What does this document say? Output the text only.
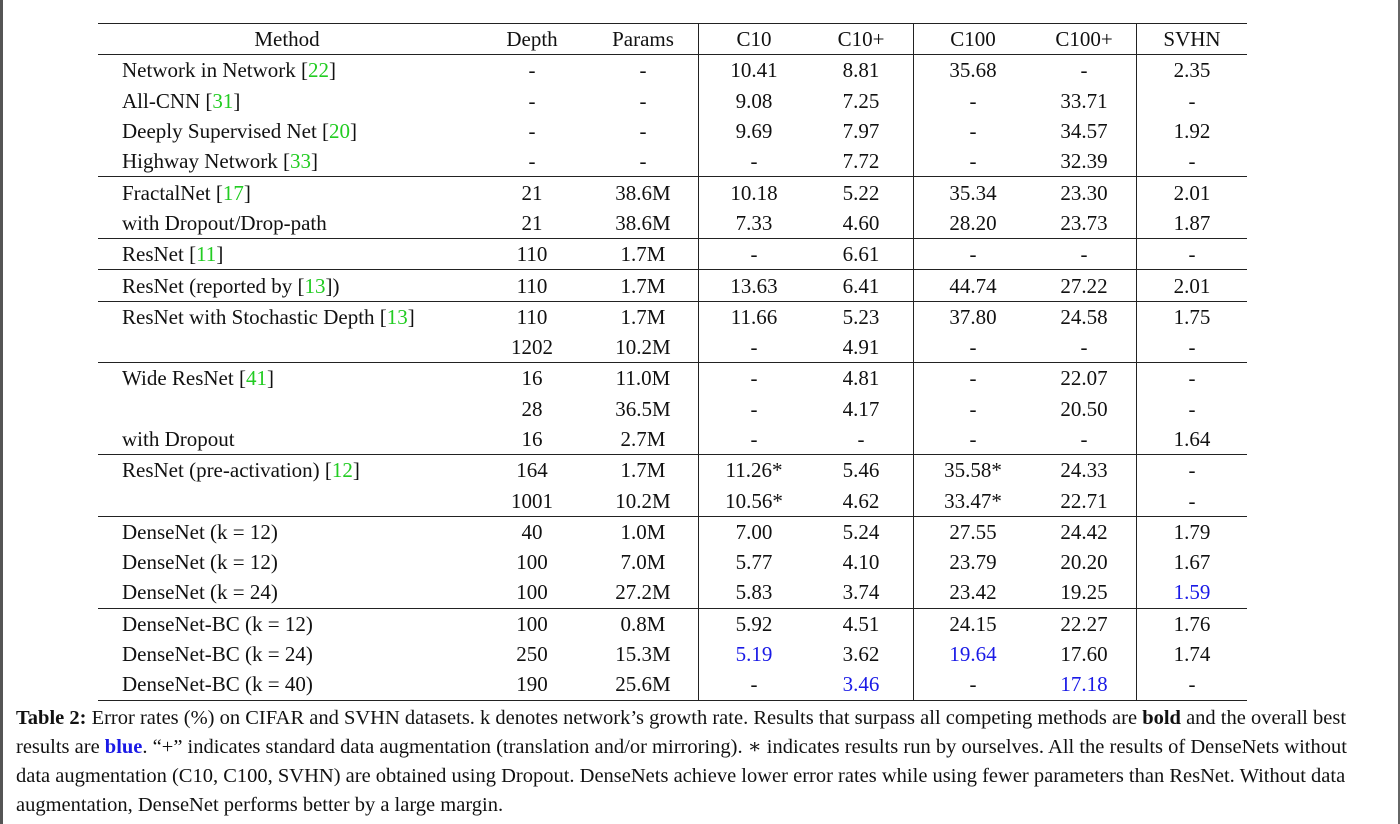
Method	Depth	Params	C10	C10+	C100	C100+	SVHN
Network in Network [22]	-	-	10.41	8.81	35.68	-	2.35
All-CNN [31]	-	-	9.08	7.25	-	33.71	-
Deeply Supervised Net [20]	-	-	9.69	7.97	-	34.57	1.92
Highway Network [33]	-	-	-	7.72	-	32.39	-
FractalNet [17]	21	38.6M	10.18	5.22	35.34	23.30	2.01
with Dropout/Drop-path	21	38.6M	7.33	4.60	28.20	23.73	1.87
ResNet [11]	110	1.7M	-	6.61	-	-	-
ResNet (reported by [13])	110	1.7M	13.63	6.41	44.74	27.22	2.01
ResNet with Stochastic Depth [13]	110	1.7M	11.66	5.23	37.80	24.58	1.75
	1202	10.2M	-	4.91	-	-	-
Wide ResNet [41]	16	11.0M	-	4.81	-	22.07	-
	28	36.5M	-	4.17	-	20.50	-
with Dropout	16	2.7M	-	-	-	-	1.64
ResNet (pre-activation) [12]	164	1.7M	11.26*	5.46	35.58*	24.33	-
	1001	10.2M	10.56*	4.62	33.47*	22.71	-
DenseNet (k = 12)	40	1.0M	7.00	5.24	27.55	24.42	1.79
DenseNet (k = 12)	100	7.0M	5.77	4.10	23.79	20.20	1.67
DenseNet (k = 24)	100	27.2M	5.83	3.74	23.42	19.25	1.59
DenseNet-BC (k = 12)	100	0.8M	5.92	4.51	24.15	22.27	1.76
DenseNet-BC (k = 24)	250	15.3M	5.19	3.62	19.64	17.60	1.74
DenseNet-BC (k = 40)	190	25.6M	-	3.46	-	17.18	-

Table 2: Error rates (%) on CIFAR and SVHN datasets. k denotes network’s growth rate. Results that surpass all competing methods are bold and the overall best results are blue. “+” indicates standard data augmentation (translation and/or mirroring). ∗ indicates results run by ourselves. All the results of DenseNets without data augmentation (C10, C100, SVHN) are obtained using Dropout. DenseNets achieve lower error rates while using fewer parameters than ResNet. Without data augmentation, DenseNet performs better by a large margin.
